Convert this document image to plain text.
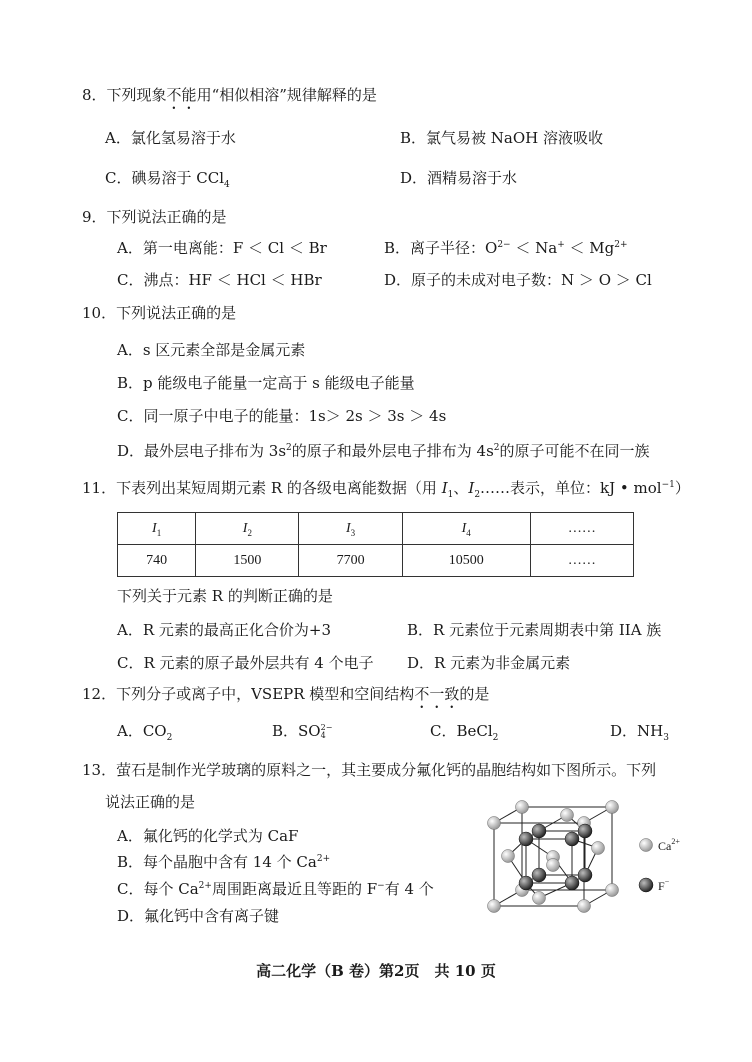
8．下列现象不能用“相似相溶”规律解释的是
A．氯化氢易溶于水	B．氯气易被 NaOH 溶液吸收
C．碘易溶于 CCl$_4$	D．酒精易溶于水
9．下列说法正确的是
A．第一电离能：F ＜ Cl ＜ Br	B．离子半径：$O^{2-} < Na^+ < Mg^{2+}$
C．沸点：HF ＜ HCl ＜ HBr	D．原子的未成对电子数：N ＞ O ＞ Cl
10．下列说法正确的是
A．s 区元素全部是金属元素
B．p 能级电子能量一定高于 s 能级电子能量
C．同一原子中电子的能量：1s＞ 2s ＞ 3s ＞ 4s
D．最外层电子排布为 $3s^2$的原子和最外层电子排布为 $4s^2$的原子可能不在同一族
11．下表列出某短周期元素 R 的各级电离能数据（用 $I_1$、$I_2\dots\dots$表示，单位：kJ • mol$^{-1}$）
$I_1$	$I_2$	$I_3$	$I_4$	……
740	1500	7700	10500	……
下列关于元素 R 的判断正确的是
A．R 元素的最高正化合价为+3	B．R 元素位于元素周期表中第 IIA 族
C．R 元素的原子最外层共有 4 个电子 D．R 元素为非金属元素
12．下列分子或离子中，VSEPR 模型和空间结构不一致的是
A．$CO_2$	B．SO 2−
4	C．BeCl$_2$	D．$NH_3$
13．萤石是制作光学玻璃的原料之一，其主要成分氟化钙的晶胞结构如下图所示。下列
说法正确的是
A．氟化钙的化学式为 CaF
B．每个晶胞中含有 14 个 $Ca^{2+}$
C．每个 $Ca^{2+}$周围距离最近且等距的 F−有 4 个
D．氟化钙中含有离子键
$Ca^{2+}$
F−
高二化学（B 卷）第2页　共 10 页
